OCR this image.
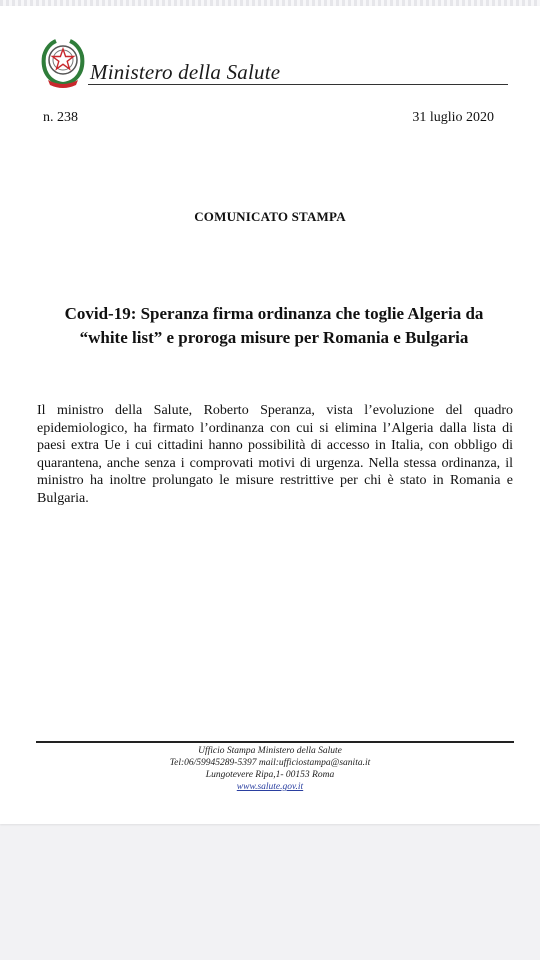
Ministero della Salute
n. 238	31 luglio 2020
COMUNICATO STAMPA
Covid-19: Speranza firma ordinanza che toglie Algeria da
“white list” e proroga misure per Romania e Bulgaria
Il ministro della Salute, Roberto Speranza, vista l’evoluzione del quadro epidemiologico, ha firmato l’ordinanza con cui si elimina l’Algeria dalla lista di paesi extra Ue i cui cittadini hanno possibilità di accesso in Italia, con obbligo di quarantena, anche senza i comprovati motivi di urgenza. Nella stessa ordinanza, il ministro ha inoltre prolungato le misure restrittive per chi è stato in Romania e Bulgaria.
Ufficio Stampa Ministero della Salute
Tel:06/59945289-5397 mail:ufficiostampa@sanita.it
Lungotevere Ripa,1- 00153 Roma
www.salute.gov.it
